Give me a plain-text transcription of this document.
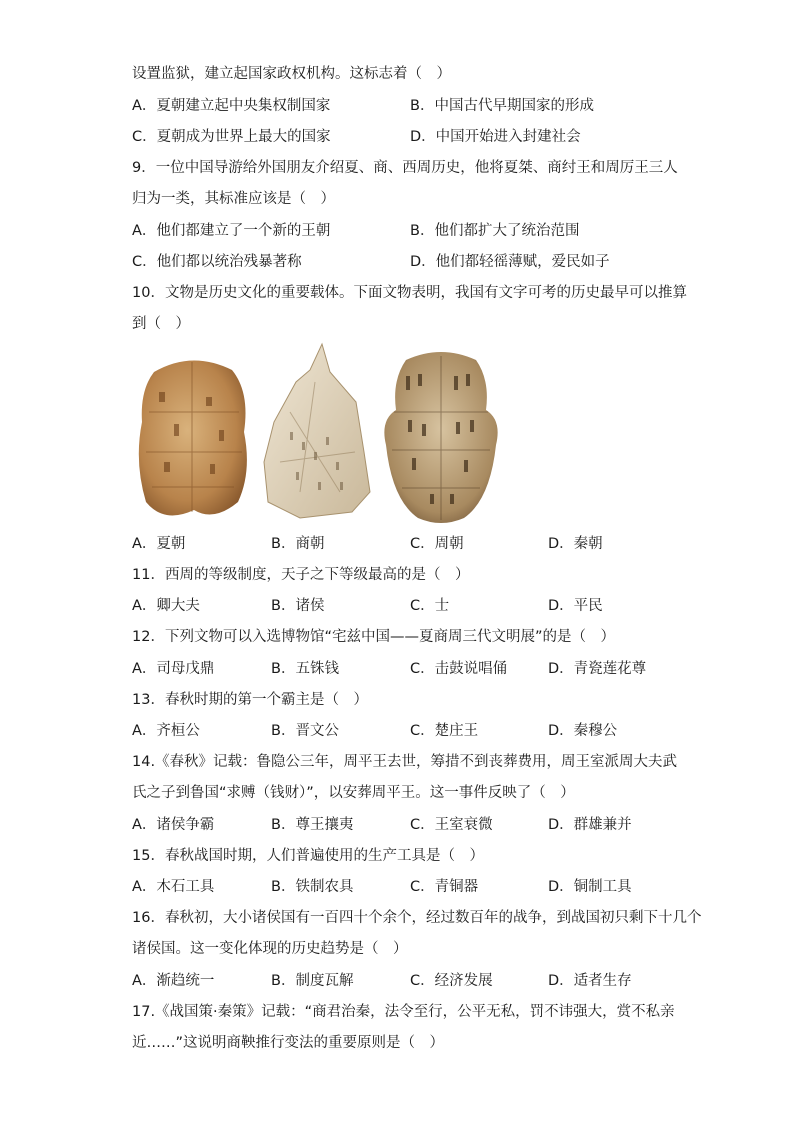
设置监狱，建立起国家政权机构。这标志着（　）
A．夏朝建立起中央集权制国家	B．中国古代早期国家的形成
C．夏朝成为世界上最大的国家	D．中国开始进入封建社会
9．一位中国导游给外国朋友介绍夏、商、西周历史，他将夏桀、商纣王和周厉王三人
归为一类，其标准应该是（　）
A．他们都建立了一个新的王朝	B．他们都扩大了统治范围
C．他们都以统治残暴著称	D．他们都轻徭薄赋，爱民如子
10．文物是历史文化的重要载体。下面文物表明，我国有文字可考的历史最早可以推算
到（　）
A．夏朝	B．商朝	C．周朝	D．秦朝
11．西周的等级制度，天子之下等级最高的是（　）
A．卿大夫	B．诸侯	C．士	D．平民
12．下列文物可以入选博物馆“宅兹中国——夏商周三代文明展”的是（　）
A．司母戊鼎	B．五铢钱	C．击鼓说唱俑	D．青瓷莲花尊
13．春秋时期的第一个霸主是（　）
A．齐桓公	B．晋文公	C．楚庄王	D．秦穆公
14.《春秋》记载：鲁隐公三年，周平王去世，筹措不到丧葬费用，周王室派周大夫武
氏之子到鲁国“求赙（钱财）”，以安葬周平王。这一事件反映了（　）
A．诸侯争霸	B．尊王攘夷	C．王室衰微	D．群雄兼并
15．春秋战国时期，人们普遍使用的生产工具是（　）
A．木石工具	B．铁制农具	C．青铜器	D．铜制工具
16．春秋初，大小诸侯国有一百四十个余个，经过数百年的战争，到战国初只剩下十几个
诸侯国。这一变化体现的历史趋势是（　）
A．渐趋统一	B．制度瓦解	C．经济发展	D．适者生存
17.《战国策·秦策》记载：“商君治秦，法令至行，公平无私，罚不讳强大，赏不私亲
近……”这说明商鞅推行变法的重要原则是（　）
